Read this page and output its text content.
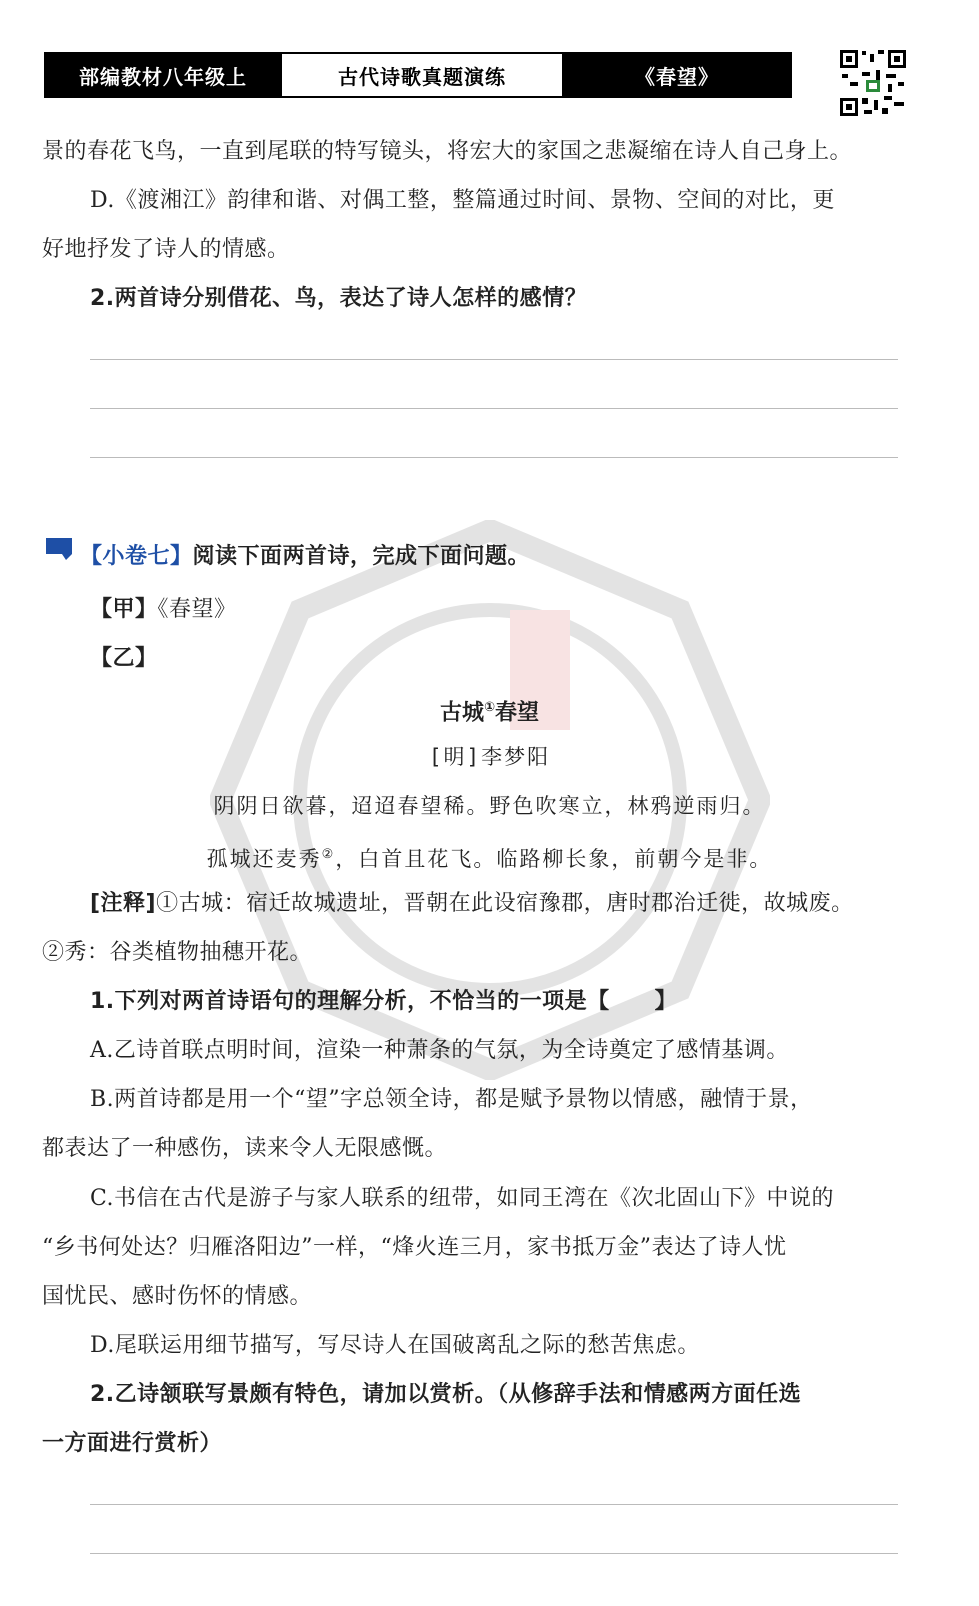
部编教材八年级上	古代诗歌真题演练	《春望》
景的春花飞鸟，一直到尾联的特写镜头，将宏大的家国之悲凝缩在诗人自己身上。
D.《渡湘江》韵律和谐、对偶工整，整篇通过时间、景物、空间的对比，更
好地抒发了诗人的情感。
2.两首诗分别借花、鸟，表达了诗人怎样的感情？
【小卷七】阅读下面两首诗，完成下面问题。
【甲】《春望》
【乙】
古城①春望
[明]李梦阳
阴阴日欲暮，迢迢春望稀。野色吹寒立，林鸦逆雨归。
孤城还麦秀②，白首且花飞。临路柳长象，前朝今是非。
[注释]①古城：宿迁故城遗址，晋朝在此设宿豫郡，唐时郡治迁徙，故城废。
②秀：谷类植物抽穗开花。
1.下列对两首诗语句的理解分析，不恰当的一项是【　　】
A.乙诗首联点明时间，渲染一种萧条的气氛，为全诗奠定了感情基调。
B.两首诗都是用一个“望”字总领全诗，都是赋予景物以情感，融情于景，
都表达了一种感伤，读来令人无限感慨。
C.书信在古代是游子与家人联系的纽带，如同王湾在《次北固山下》中说的
“乡书何处达？归雁洛阳边”一样，“烽火连三月，家书抵万金”表达了诗人忧
国忧民、感时伤怀的情感。
D.尾联运用细节描写，写尽诗人在国破离乱之际的愁苦焦虑。
2.乙诗颔联写景颇有特色，请加以赏析。（从修辞手法和情感两方面任选
一方面进行赏析）
